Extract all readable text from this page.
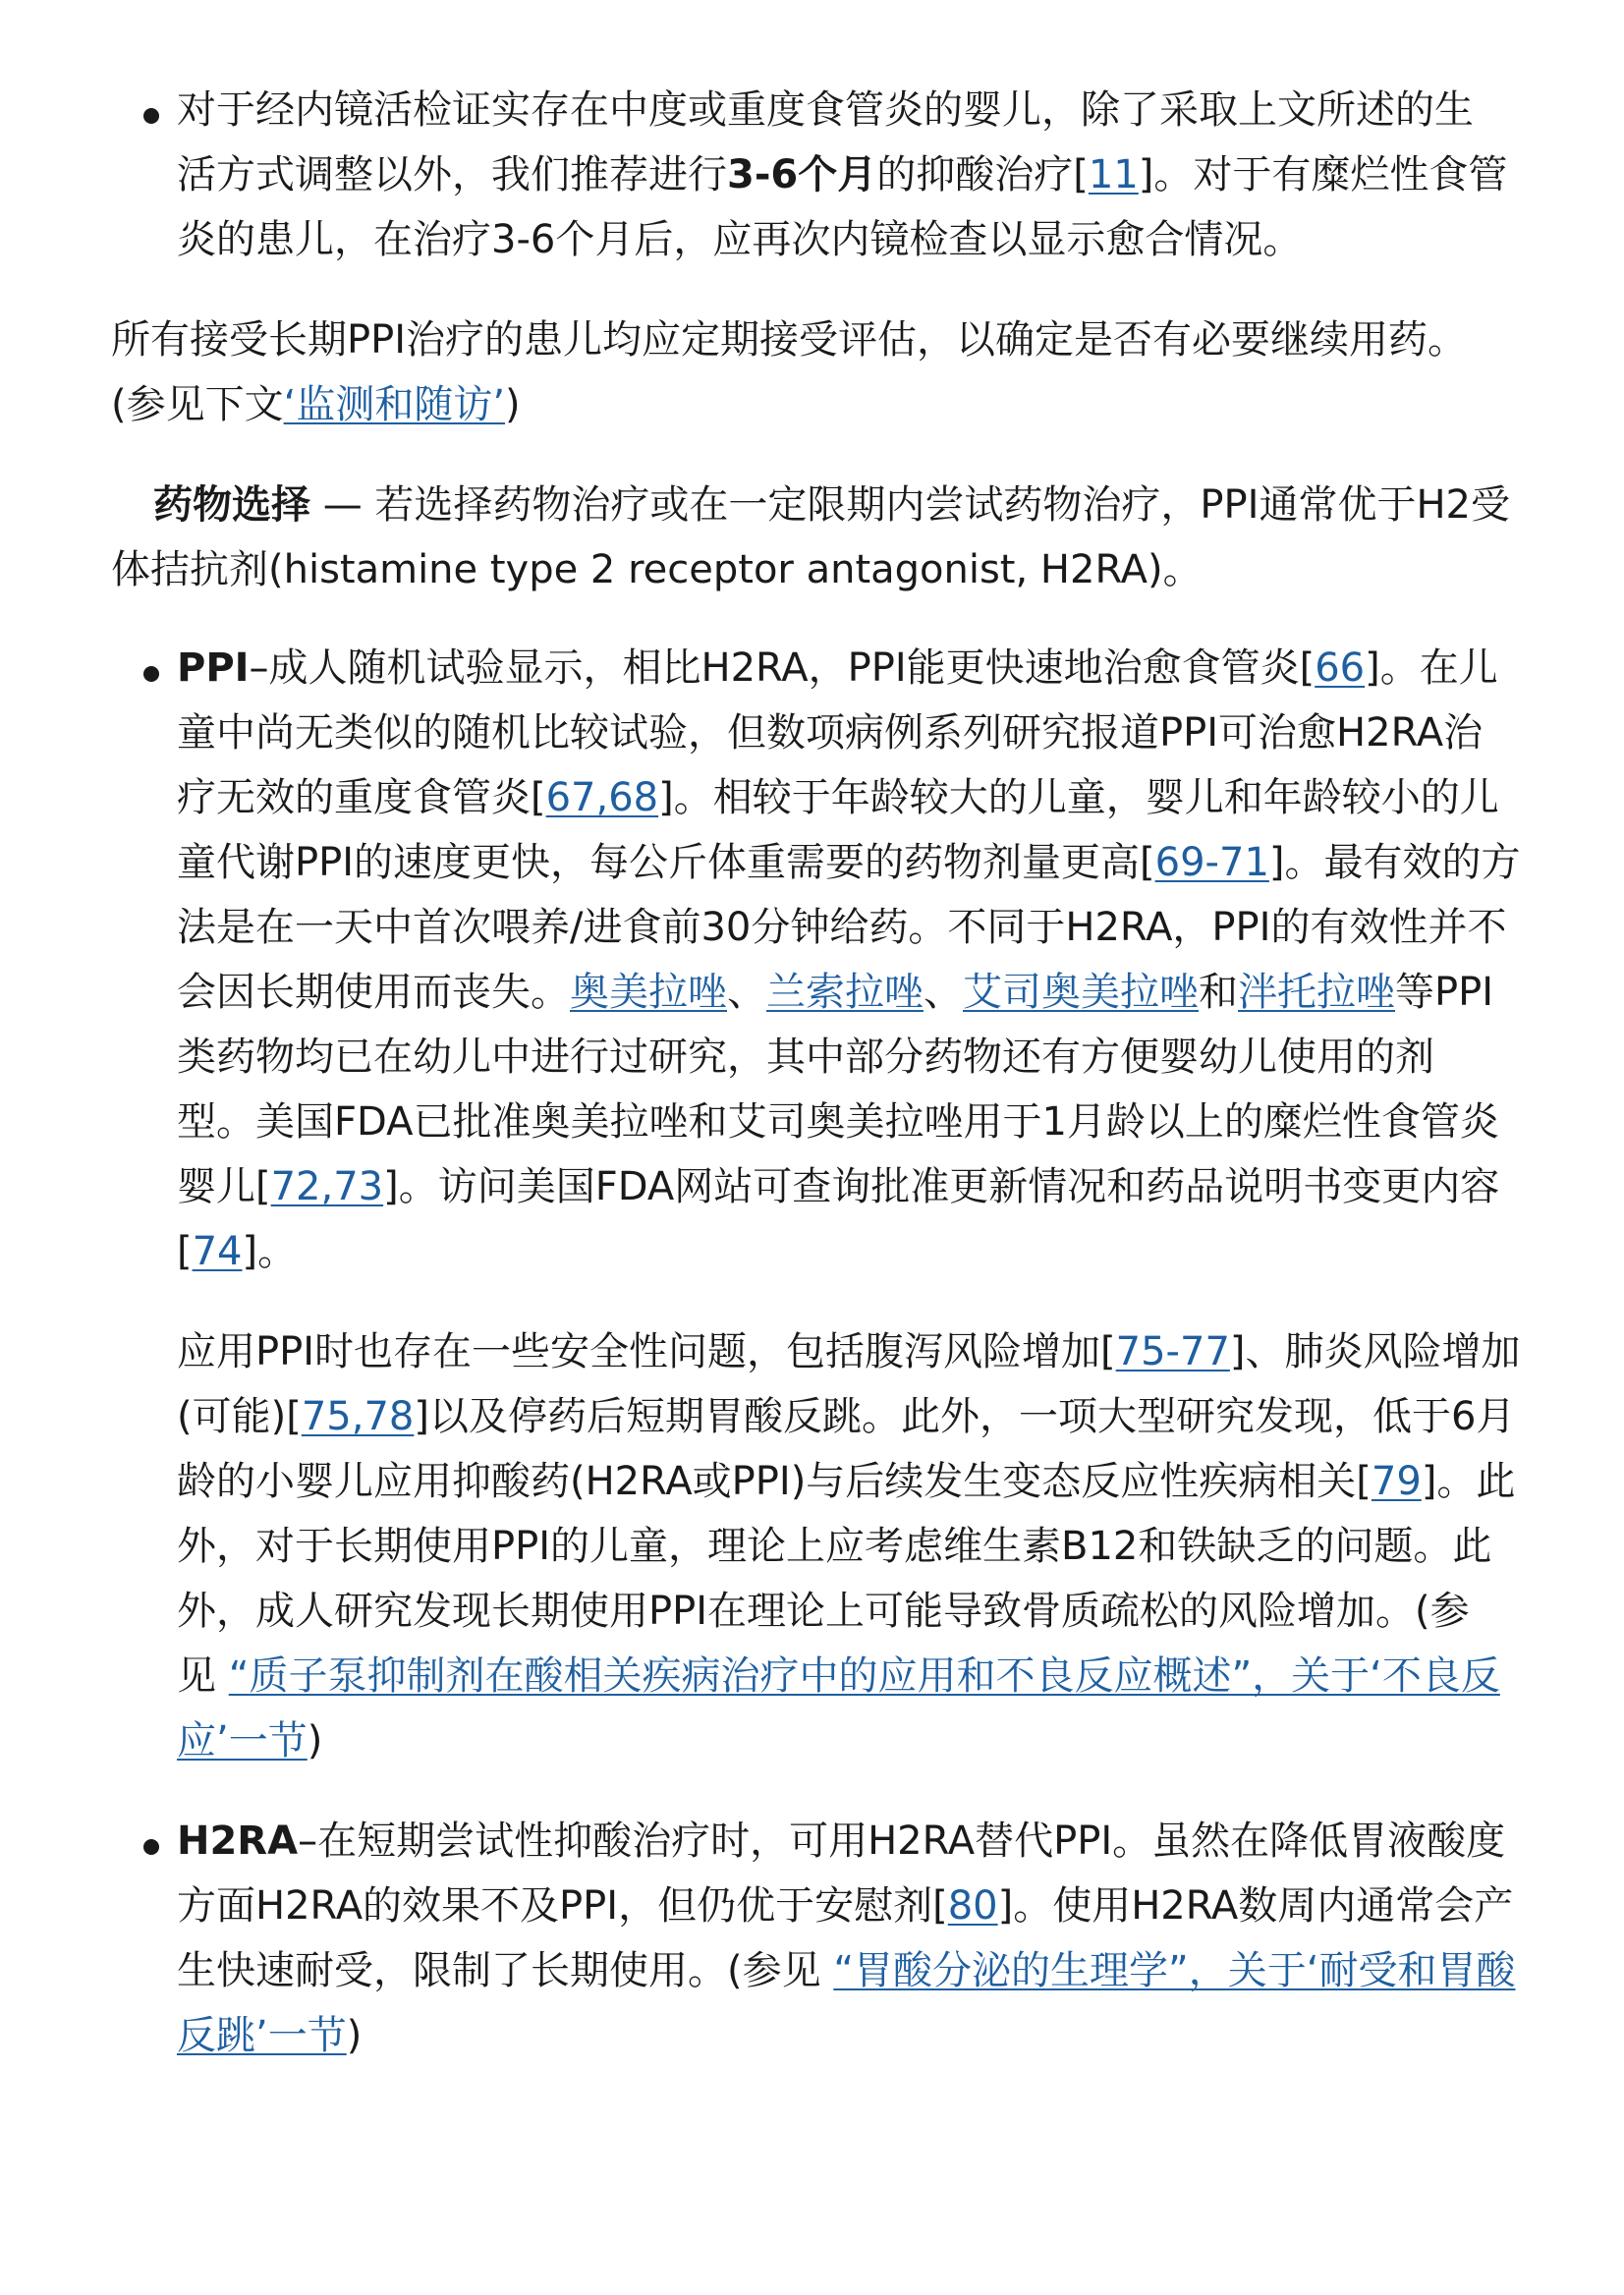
对于经内镜活检证实存在中度或重度食管炎的婴儿，除了采取上文所述的生
活方式调整以外，我们推荐进行3-6个月的抑酸治疗[11]。对于有糜烂性食管
炎的患儿，在治疗3-6个月后，应再次内镜检查以显示愈合情况。
所有接受长期PPI治疗的患儿均应定期接受评估，以确定是否有必要继续用药。
(参见下文‘监测和随访’)
药物选择 — 若选择药物治疗或在一定限期内尝试药物治疗，PPI通常优于H2受
体拮抗剂(histamine type 2 receptor antagonist, H2RA)。
PPI–成人随机试验显示，相比H2RA，PPI能更快速地治愈食管炎[66]。在儿
童中尚无类似的随机比较试验，但数项病例系列研究报道PPI可治愈H2RA治
疗无效的重度食管炎[67,68]。相较于年龄较大的儿童，婴儿和年龄较小的儿
童代谢PPI的速度更快，每公斤体重需要的药物剂量更高[69-71]。最有效的方
法是在一天中首次喂养/进食前30分钟给药。不同于H2RA，PPI的有效性并不
会因长期使用而丧失。奥美拉唑、兰索拉唑、艾司奥美拉唑和泮托拉唑等PPI
类药物均已在幼儿中进行过研究，其中部分药物还有方便婴幼儿使用的剂
型。美国FDA已批准奥美拉唑和艾司奥美拉唑用于1月龄以上的糜烂性食管炎
婴儿[72,73]。访问美国FDA网站可查询批准更新情况和药品说明书变更内容
[74]。
应用PPI时也存在一些安全性问题，包括腹泻风险增加[75-77]、肺炎风险增加
(可能)[75,78]以及停药后短期胃酸反跳。此外，一项大型研究发现，低于6月
龄的小婴儿应用抑酸药(H2RA或PPI)与后续发生变态反应性疾病相关[79]。此
外，对于长期使用PPI的儿童，理论上应考虑维生素B12和铁缺乏的问题。此
外，成人研究发现长期使用PPI在理论上可能导致骨质疏松的风险增加。(参
见 “质子泵抑制剂在酸相关疾病治疗中的应用和不良反应概述”，关于‘不良反
应’一节)
H2RA–在短期尝试性抑酸治疗时，可用H2RA替代PPI。虽然在降低胃液酸度
方面H2RA的效果不及PPI，但仍优于安慰剂[80]。使用H2RA数周内通常会产
生快速耐受，限制了长期使用。(参见 “胃酸分泌的生理学”，关于‘耐受和胃酸
反跳’一节)
